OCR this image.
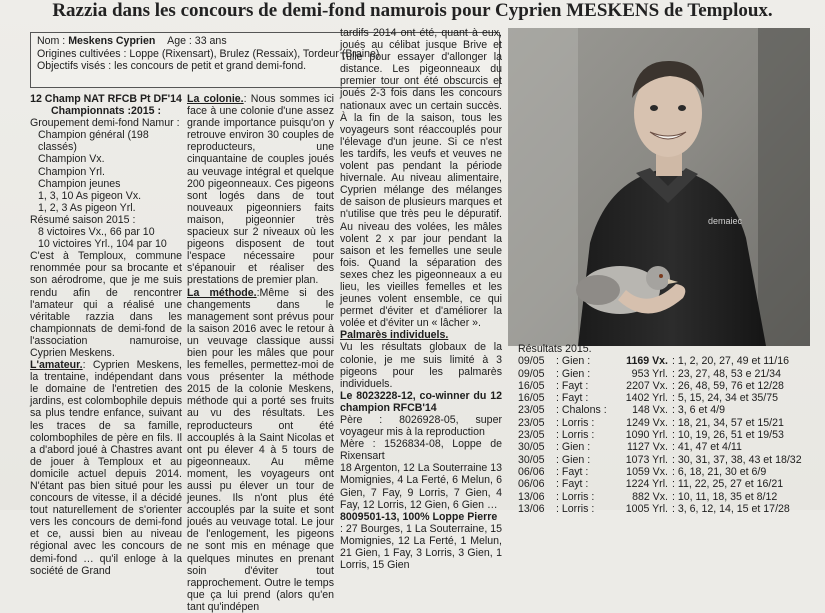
Razzia dans les concours de demi-fond namurois pour Cyprien MESKENS de Temploux.
Nom : Meskens Cyprien Age : 33 ans
Origines cultivées : Loppe (Rixensart), Brulez (Ressaix), Tordeur (Braine)
Objectifs visés : les concours de petit et grand demi-fond.

12 Champ NAT RFCB Pt DF'14

Championnats :2015 :

Groupement demi-fond Namur :

Champion général (198 classés)

Champion Vx.

Champion Yrl.

Champion jeunes

1, 3, 10 As pigeon Vx.

1, 2, 3 As pigeon Yrl.

Résumé saison 2015 :

8 victoires Vx., 66 par 10

10 victoires Yrl., 104 par 10

C'est à Temploux, commune renommée pour sa brocante et son aérodrome, que je me suis rendu afin de rencontrer l'amateur qui a réalisé une véritable razzia dans les championnats de demi-fond de l'association namuroise, Cyprien Meskens.

L'amateur.: Cyprien Meskens, la trentaine, indépendant dans le domaine de l'entretien des jardins, est colombophile depuis sa plus tendre enfance, suivant les traces de sa famille, colombophiles de père en fils. Il a d'abord joué à Chastres avant de jouer à Temploux et au domicile actuel depuis 2014. N'étant pas bien situé pour les concours de vitesse, il a décidé tout naturellement de s'orienter vers les concours de demi-fond et ce, aussi bien au niveau régional avec les concours de demi-fond … qu'il enloge à la société de Grand

La colonie.: Nous sommes ici face à une colonie d'une assez grande importance puisqu'on y retrouve environ 30 couples de reproducteurs, une cinquantaine de couples joués au veuvage intégral et quelque 200 pigeonneaux. Ces pigeons sont logés dans de tout nouveaux pigeonniers faits maison, pigeonnier très spacieux sur 2 niveaux où les pigeons disposent de tout l'espace nécessaire pour s'épanouir et réaliser des prestations de premier plan.

La méthode.:Même si des changements dans le management sont prévus pour la saison 2016 avec le retour à un veuvage classique aussi bien pour les mâles que pour les femelles, permettez-moi de vous présenter la méthode 2015 de la colonie Meskens, méthode qui a porté ses fruits au vu des résultats. Les reproducteurs ont été accouplés à la Saint Nicolas et ont pu élever 4 à 5 tours de pigeonneaux. Au même moment, les voyageurs ont aussi pu élever un tour de jeunes. Ils n'ont plus été accouplés par la suite et sont joués au veuvage total. Le jour de l'enlogement, les pigeons ne sont mis en ménage que quelques minutes en prenant soin d'éviter tout rapprochement. Outre le temps que ça lui prend (alors qu'en tant qu'indépen

tardifs 2014 ont été, quant à eux, joués au célibat jusque Brive et Tulle pour essayer d'allonger la distance. Les pigeonneaux du premier tour ont été obscurcis et joués 2-3 fois dans les concours nationaux avec un certain succès. À la fin de la saison, tous les voyageurs sont réaccouplés pour l'élevage d'un jeune. Si ce n'est les tardifs, les veufs et veuves ne volent pas pendant la période hivernale. Au niveau alimentaire, Cyprien mélange des mélanges de saison de plusieurs marques et n'utilise que très peu le dépuratif. Au niveau des volées, les mâles volent 2 x par jour pendant la saison et les femelles une seule fois. Quand la séparation des sexes chez les pigeonneaux a eu lieu, les vieilles femelles et les jeunes volent ensemble, ce qui permet d'éviter et d'améliorer la volée et d'éviter un « lâcher ».

Palmarès individuels.

Vu les résultats globaux de la colonie, je me suis limité à 3 pigeons pour les palmarès individuels.

Le 8023228-12, co-winner du 12 champion RFCB'14

Père : 8026928-05, super voyageur mis à la reproduction
Mère : 1526834-08, Loppe de Rixensart
18 Argenton, 12 La Souterraine 13 Momignies, 4 La Ferté, 6 Melun, 6 Gien, 7 Fay, 9 Lorris, 7 Gien, 4 Fay, 12 Lorris, 12 Gien, 6 Gien …

8009501-13, 100% Loppe Pierre

: 27 Bourges, 1 La Souterraine, 15 Momignies, 12 La Ferté, 1 Melun, 21 Gien, 1 Fay, 3 Lorris, 3 Gien, 1 Lorris, 15 Gien

demaiec
Résultats 2015.
09/05	: Gien :	1169 Vx. : 1, 2, 20, 27, 49 et 11/16
09/05	: Gien :	953 Yrl. : 23, 27, 48, 53 e 21/34
16/05	: Fayt :	2207 Vx. : 26, 48, 59, 76 et 12/28
16/05	: Fayt :	1402 Yrl. : 5, 15, 24, 34 et 35/75
23/05	: Chalons :	148 Vx. : 3, 6 et 4/9
23/05	: Lorris :	1249 Vx. : 18, 21, 34, 57 et 15/21
23/05	: Lorris :	1090 Yrl. : 10, 19, 26, 51 et 19/53
30/05	: Gien :	1127 Vx. : 41, 47 et 4/11
30/05	: Gien :	1073 Yrl. : 30, 31, 37, 38, 43 et 18/32
06/06	: Fayt :	1059 Vx. : 6, 18, 21, 30 et 6/9
06/06	: Fayt :	1224 Yrl. : 11, 22, 25, 27 et 16/21
13/06	: Lorris :	882 Vx. : 10, 11, 18, 35 et 8/12
13/06	: Lorris :	1005 Yrl. : 3, 6, 12, 14, 15 et 17/28
